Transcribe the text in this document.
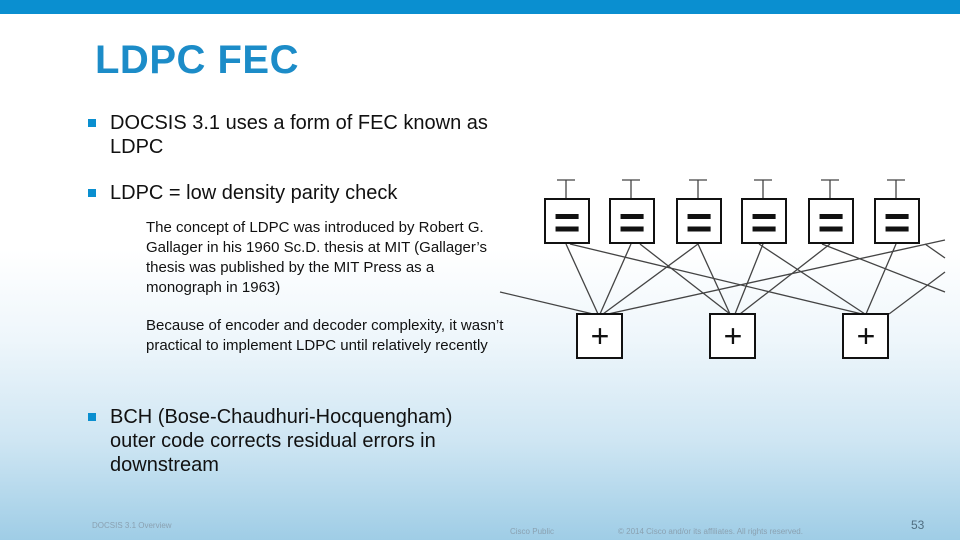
LDPC FEC
DOCSIS 3.1 uses a form of FEC known as LDPC
LDPC = low density parity check
The concept of LDPC was introduced by Robert G. Gallager in his 1960 Sc.D. thesis at MIT (Gallager’s thesis was published by the MIT Press as a monograph in 1963)
Because of encoder and decoder complexity, it wasn’t practical to implement LDPC until relatively recently
BCH (Bose-Chaudhuri-Hocquengham) outer code corrects residual errors in downstream
= = = = = =
+	+	+
DOCSIS 3.1 Overview
Cisco Public	© 2014 Cisco and/or its affiliates. All rights reserved.	53
